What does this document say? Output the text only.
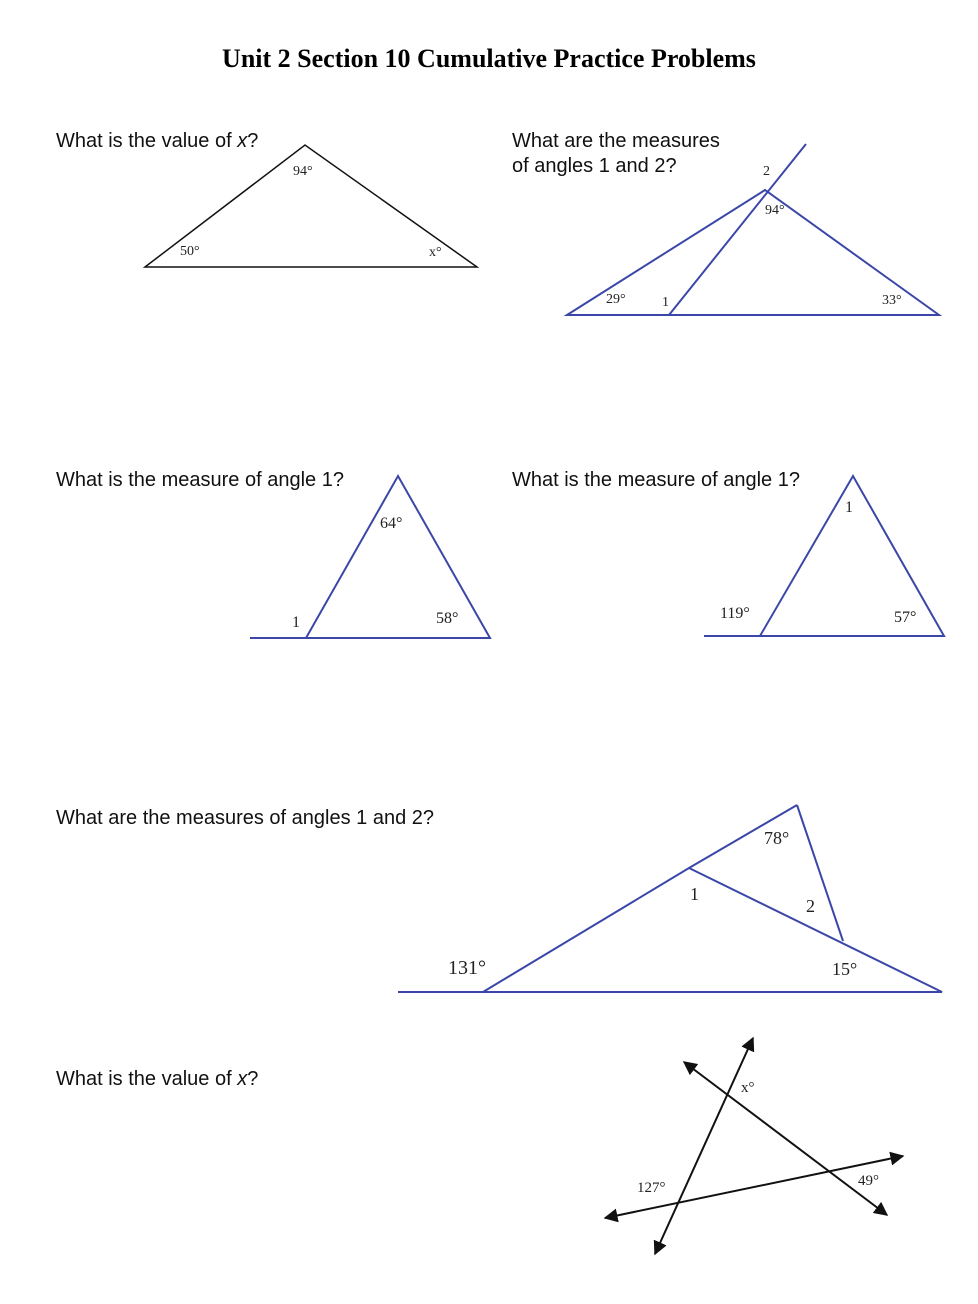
Unit 2 Section 10 Cumulative Practice Problems
What is the value of x?	What are the measures
of angles 1 and 2?
What is the measure of angle 1?	What is the measure of angle 1?
What are the measures of angles 1 and 2?
What is the value of x?
94°
50°	x°
2
94°
29°	1	33°
64°
1	58°
1
119°	57°
78°
1
2
131°	15°
x°
127°	49°
